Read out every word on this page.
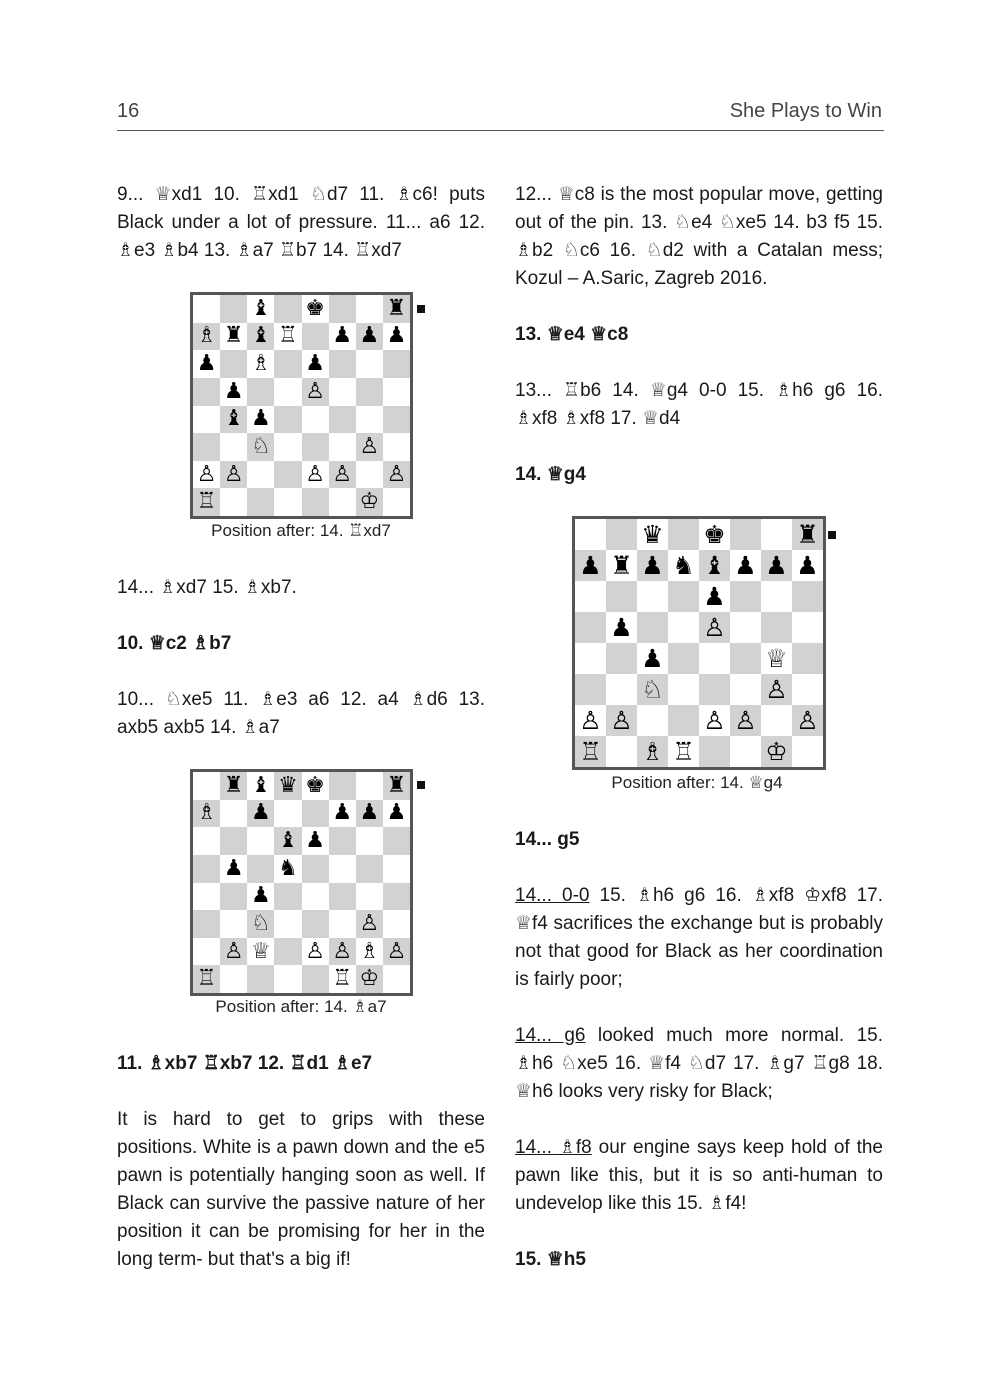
16	She Plays to Win

9... ♕xd1 10. ♖xd1 ♘d7 11. ♗c6! puts Black under a lot of pressure. 11... a6 12. ♗e3 ♗b4 13. ♗a7 ♖b7 14. ♖xd7

♝ ♚	♜
♗ ♜ ♝ ♖ ♟ ♟ ♟
♟ ♗ ♟
♟	♙
♝ ♟
♘	♙
♙ ♙	♙ ♙ ♙
♖	♔
Position after: 14. ♖xd7

14... ♗xd7 15. ♗xb7.

10. ♕c2 ♗b7

10... ♘xe5 11. ♗e3 a6 12. a4 ♗d6 13. axb5 axb5 14. ♗a7

♜ ♝ ♛ ♚	♜
♗ ♟	♟ ♟ ♟
♝ ♟
♟ ♞
♟
♘	♙
♙ ♕ ♙ ♙ ♗ ♙
♖	♖ ♔
Position after: 14. ♗a7

11. ♗xb7 ♖xb7 12. ♖d1 ♗e7

It is hard to get to grips with these positions. White is a pawn down and the e5 pawn is potentially hanging soon as well. If Black can survive the passive nature of her position it can be promising for her in the long term- but that's a big if!

12... ♕c8 is the most popular move, getting out of the pin. 13. ♘e4 ♘xe5 14. b3 f5 15. ♗b2 ♘c6 16. ♘d2 with a Catalan mess; Kozul – A.Saric, Zagreb 2016.

13. ♕e4 ♕c8

13... ♖b6 14. ♕g4 0-0 15. ♗h6 g6 16. ♗xf8 ♗xf8 17. ♕d4

14. ♕g4

♛ ♚	♜
♟ ♜ ♟ ♞ ♝ ♟ ♟ ♟
♟
♟	♙
♟	♕
♘	♙
♙ ♙	♙ ♙ ♙
♖ ♗ ♖	♔
Position after: 14. ♕g4

14... g5

14... 0-0 15. ♗h6 g6 16. ♗xf8 ♔xf8 17. ♕f4 sacrifices the exchange but is probably not that good for Black as her coordination is fairly poor;

14... g6 looked much more normal. 15. ♗h6 ♘xe5 16. ♕f4 ♘d7 17. ♗g7 ♖g8 18. ♕h6 looks very risky for Black;

14... ♗f8 our engine says keep hold of the pawn like this, but it is so anti-human to undevelop like this 15. ♗f4!

15. ♕h5
